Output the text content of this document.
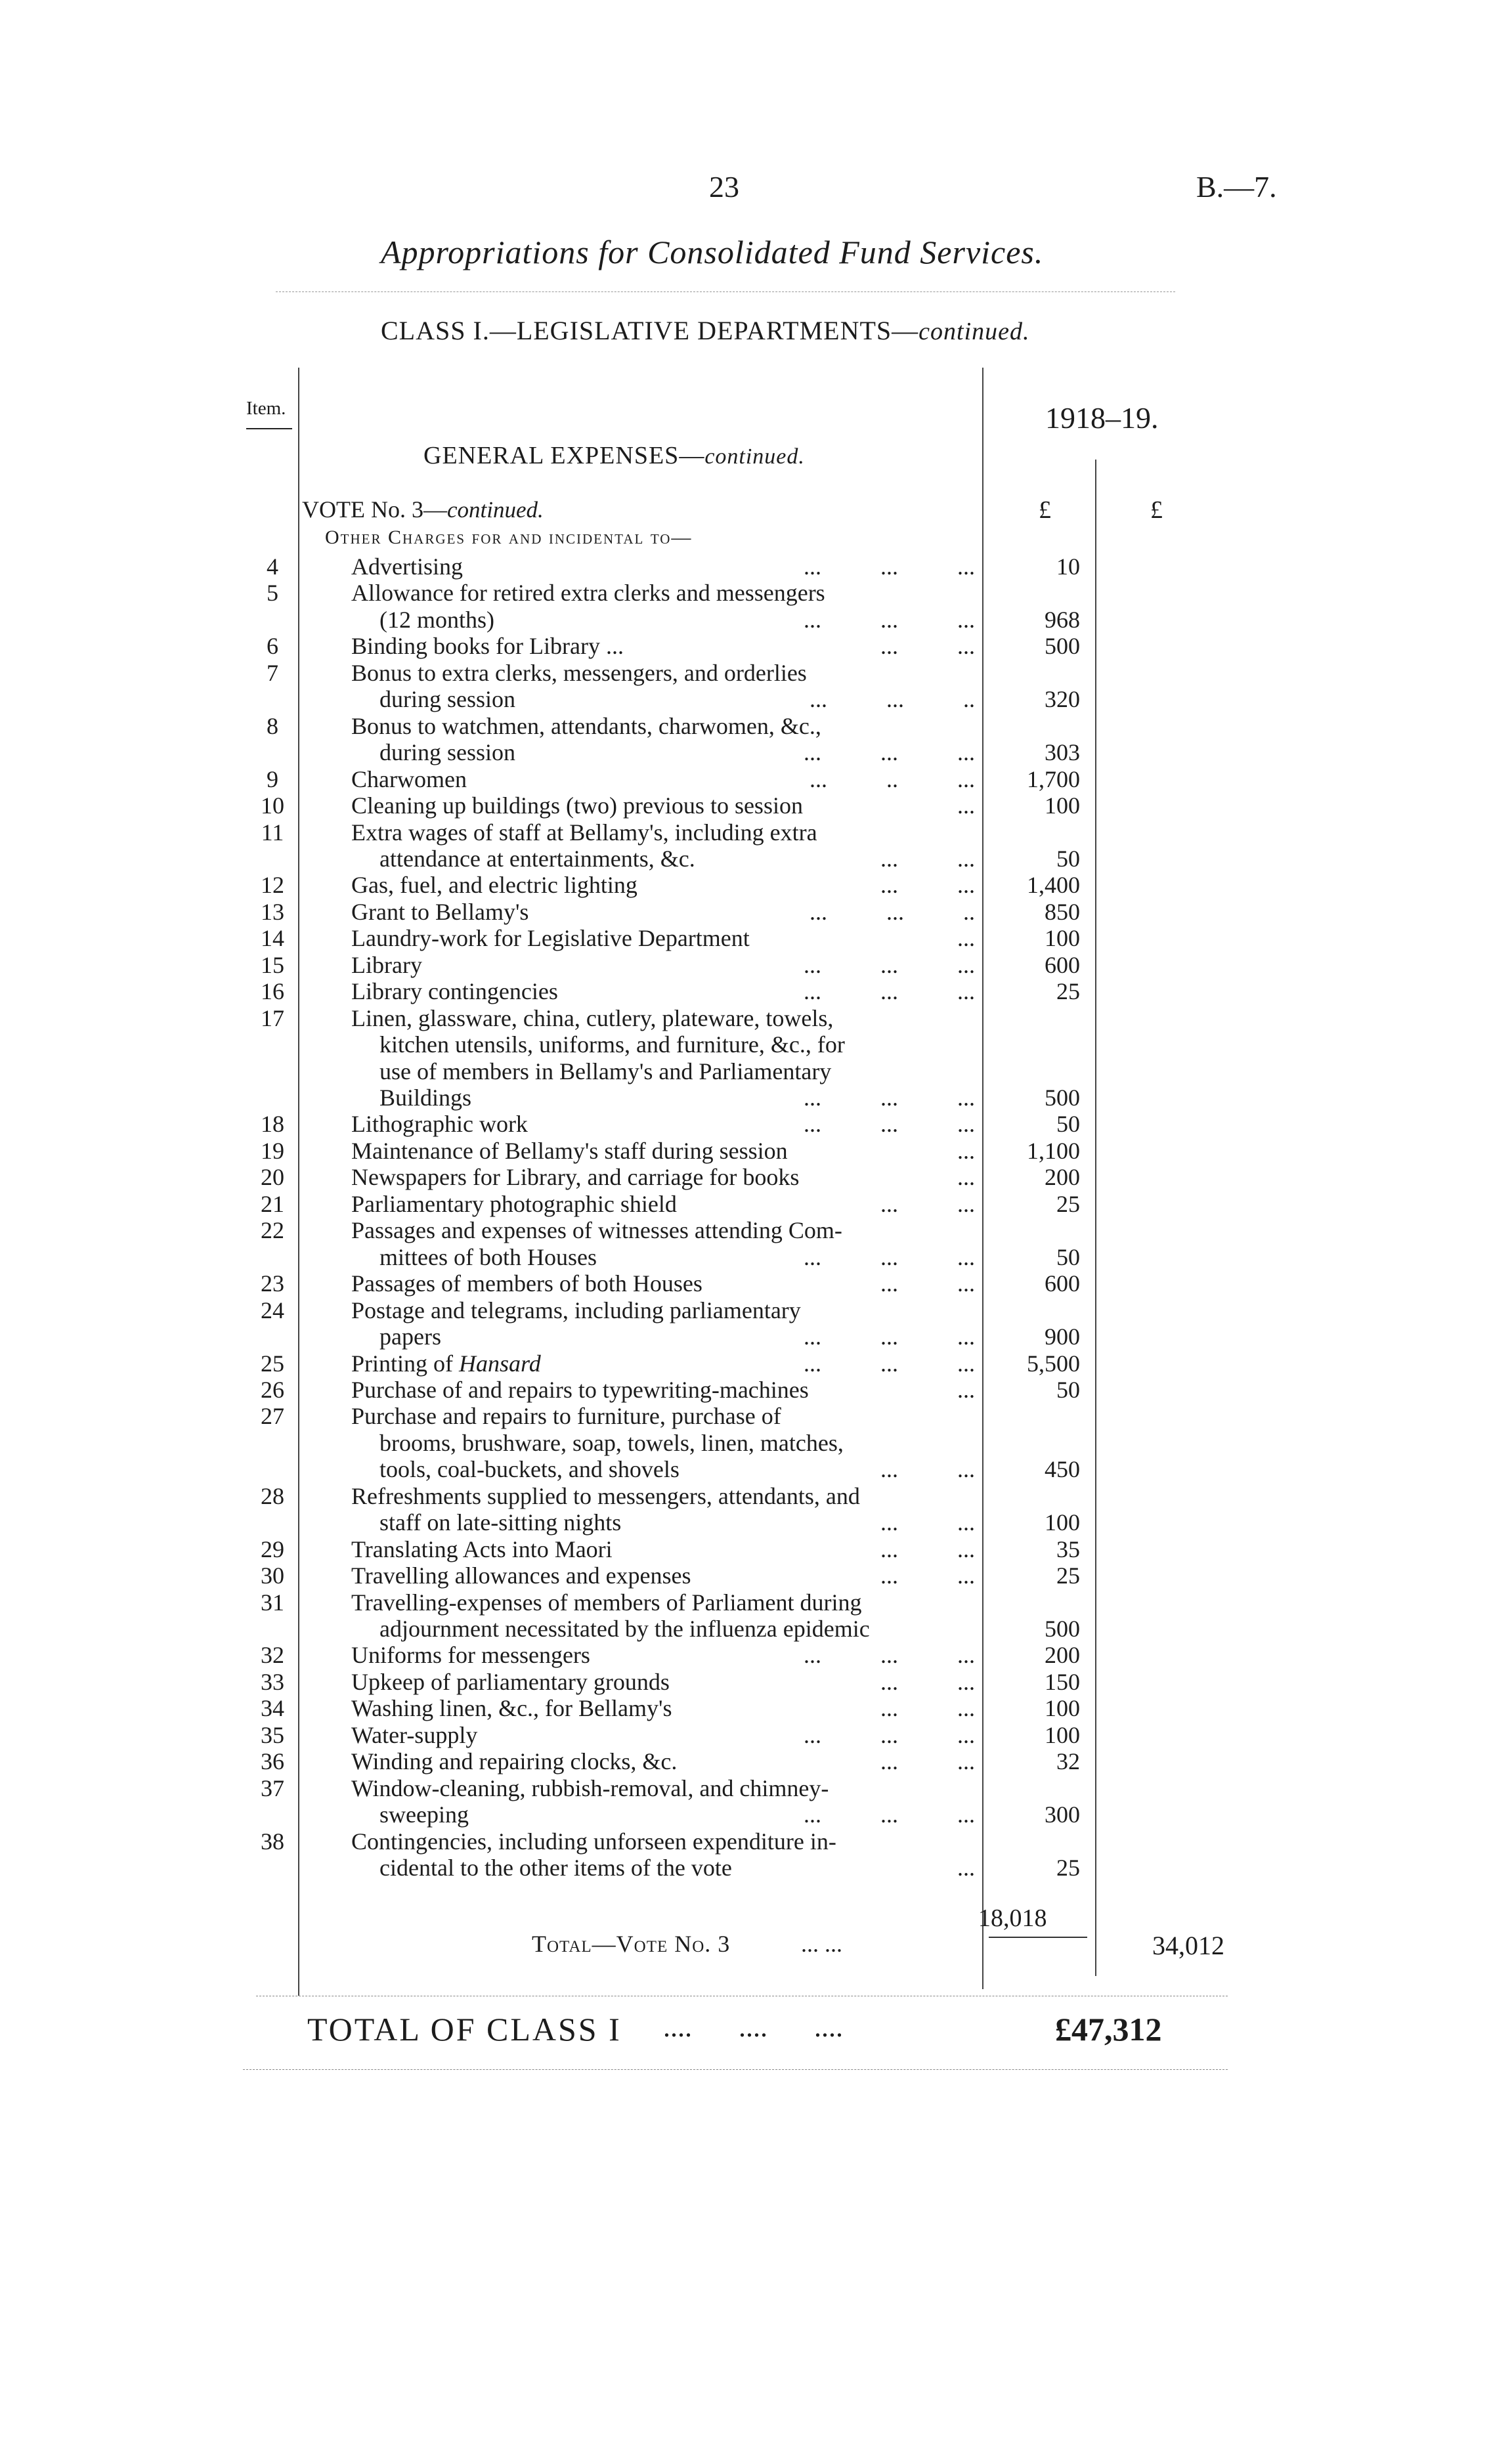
23	B.—7.
Appropriations for Consolidated Fund Services.
CLASS I.—LEGISLATIVE DEPARTMENTS—continued.
Item.	1918–19.
GENERAL EXPENSES—continued.
VOTE No. 3—continued.	£	£
Other Charges for and incidental to—
4	Advertising	...          ...          ...	10
5	Allowance for retired extra clerks and messengers
(12 months)	...          ...          ...	968
6	Binding books for Library ...	...          ...	500
7	Bonus to extra clerks, messengers, and orderlies
during session	...          ...          ..	320
8	Bonus to watchmen, attendants, charwomen, &c.,
during session	...          ...          ...	303
9	Charwomen	...          ..          ...	1,700
10	Cleaning up buildings (two) previous to session	...	100
11	Extra wages of staff at Bellamy's, including extra
attendance at entertainments, &c.	...          ...	50
12	Gas, fuel, and electric lighting	...          ...	1,400
13	Grant to Bellamy's	...          ...          ..	850
14	Laundry-work for Legislative Department	...	100
15	Library	...          ...          ...	600
16	Library contingencies	...          ...          ...	25
17	Linen, glassware, china, cutlery, plateware, towels,
kitchen utensils, uniforms, and furniture, &c., for
use of members in Bellamy's and Parliamentary
Buildings	...          ...          ...	500
18	Lithographic work	...          ...          ...	50
19	Maintenance of Bellamy's staff during session	...	1,100
20	Newspapers for Library, and carriage for books	...	200
21	Parliamentary photographic shield	...          ...	25
22	Passages and expenses of witnesses attending Com-
mittees of both Houses	...          ...          ...	50
23	Passages of members of both Houses	...          ...	600
24	Postage and telegrams, including parliamentary
papers	...          ...          ...	900
25	Printing of Hansard	...          ...          ...	5,500
26	Purchase of and repairs to typewriting-machines	...	50
27	Purchase and repairs to furniture, purchase of
brooms, brushware, soap, towels, linen, matches,
tools, coal-buckets, and shovels	...          ...	450
28	Refreshments supplied to messengers, attendants, and
staff on late-sitting nights	...          ...	100
29	Translating Acts into Maori	...          ...	35
30	Travelling allowances and expenses	...          ...	25
31	Travelling-expenses of members of Parliament during
adjournment necessitated by the influenza epidemic	500
32	Uniforms for messengers	...          ...          ...	200
33	Upkeep of parliamentary grounds	...          ...	150
34	Washing linen, &c., for Bellamy's	...          ...	100
35	Water-supply	...          ...          ...	100
36	Winding and repairing clocks, &c.	...          ...	32
37	Window-cleaning, rubbish-removal, and chimney-
sweeping	...          ...          ...	300
38	Contingencies, including unforseen expenditure in-
cidental to the other items of the vote	...	25
18,018
Total—Vote No. 3	... ...	34,012
TOTAL OF CLASS I .... .... ....	£47,312
